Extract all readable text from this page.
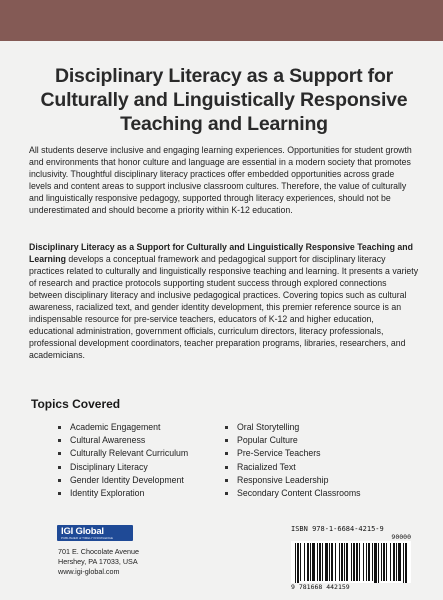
Disciplinary Literacy as a Support for Culturally and Linguistically Responsive Teaching and Learning

All students deserve inclusive and engaging learning experiences. Opportunities for student growth and environments that honor culture and language are essential in a modern society that promotes inclusivity. Thoughtful disciplinary literacy practices offer embedded opportunities across grade levels and content areas to support inclusive classroom cultures. Therefore, the value of culturally and linguistically responsive pedagogy, supported through literacy experiences, should not be underestimated and should become a priority within K-12 education.

Disciplinary Literacy as a Support for Culturally and Linguistically Responsive Teaching and Learning develops a conceptual framework and pedagogical support for disciplinary literacy practices related to culturally and linguistically responsive teaching and learning. It presents a variety of research and practice protocols supporting student success through explored connections between disciplinary literacy and inclusive pedagogical practices. Covering topics such as cultural awareness, racialized text, and gender identity development, this premier reference source is an indispensable resource for pre-service teachers, educators of K-12 and higher education, educational administration, government officials, curriculum directors, literacy professionals, professional development coordinators, teacher preparation programs, libraries, researchers, and academicians.

Topics Covered
Academic Engagement
Cultural Awareness
Culturally Relevant Curriculum
Disciplinary Literacy
Gender Identity Development
Identity Exploration
Oral Storytelling
Popular Culture
Pre-Service Teachers
Racialized Text
Responsive Leadership
Secondary Content Classrooms
IGI Global
PUBLISHER of TIMELY KNOWLEDGE

701 E. Chocolate Avenue
Hershey, PA 17033, USA
www.igi-global.com

ISBN 978-1-6684-4215-9
90000
9 781668 442159
